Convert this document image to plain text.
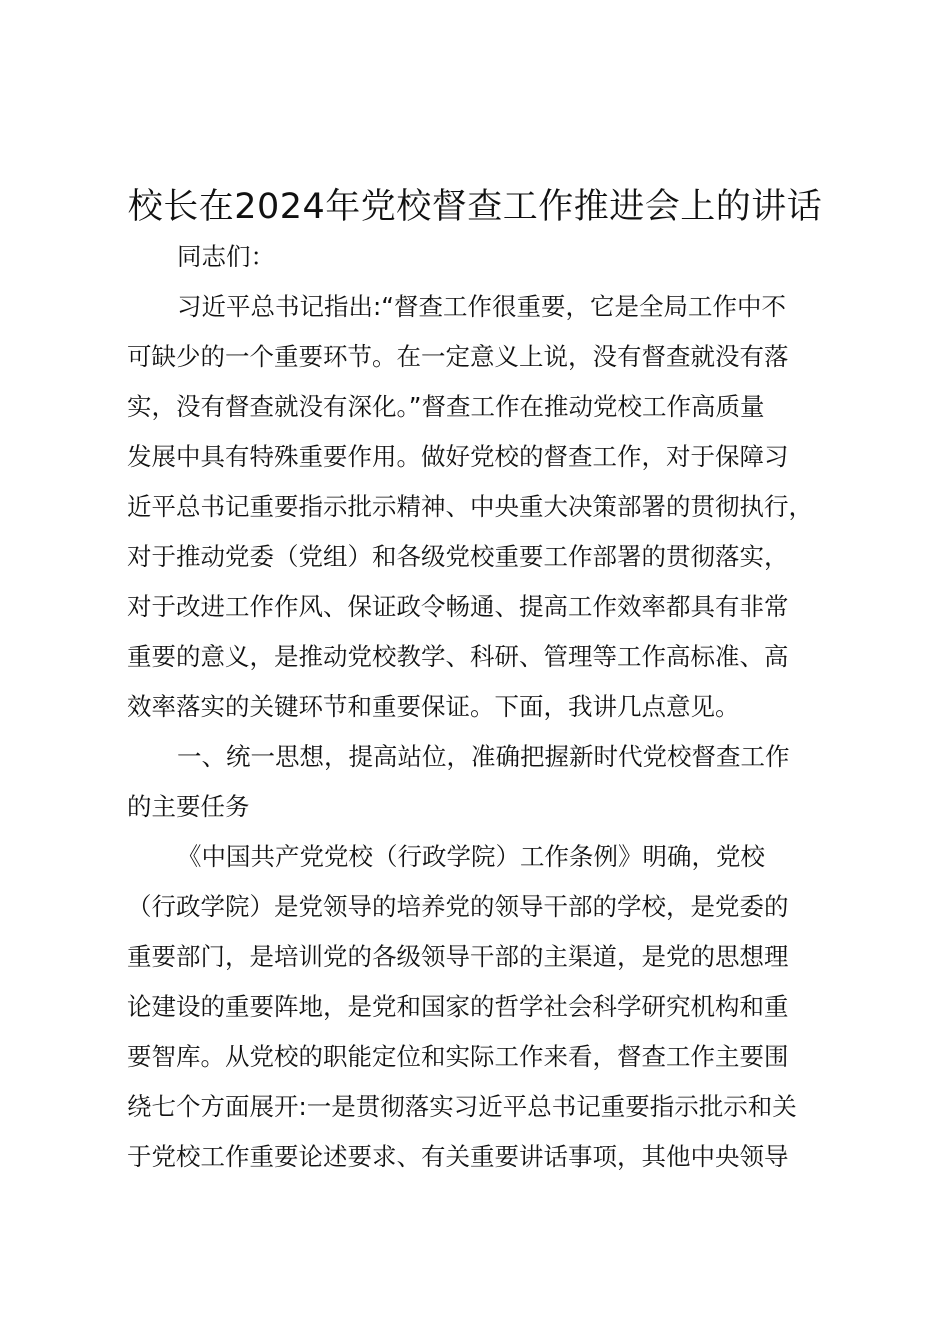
校长在2024年党校督查工作推进会上的讲话

同志们：

习近平总书记指出:“督查工作很重要，它是全局工作中不

可缺少的一个重要环节。在一定意义上说，没有督查就没有落

实，没有督查就没有深化。”督查工作在推动党校工作高质量

发展中具有特殊重要作用。做好党校的督查工作，对于保障习

近平总书记重要指示批示精神、中央重大决策部署的贯彻执行，

对于推动党委（党组）和各级党校重要工作部署的贯彻落实，

对于改进工作作风、保证政令畅通、提高工作效率都具有非常

重要的意义，是推动党校教学、科研、管理等工作高标准、高

效率落实的关键环节和重要保证。下面，我讲几点意见。

一、统一思想，提高站位，准确把握新时代党校督查工作

的主要任务

《中国共产党党校（行政学院）工作条例》明确，党校

（行政学院）是党领导的培养党的领导干部的学校，是党委的

重要部门，是培训党的各级领导干部的主渠道，是党的思想理

论建设的重要阵地，是党和国家的哲学社会科学研究机构和重

要智库。从党校的职能定位和实际工作来看，督查工作主要围

绕七个方面展开:一是贯彻落实习近平总书记重要指示批示和关

于党校工作重要论述要求、有关重要讲话事项，其他中央领导
